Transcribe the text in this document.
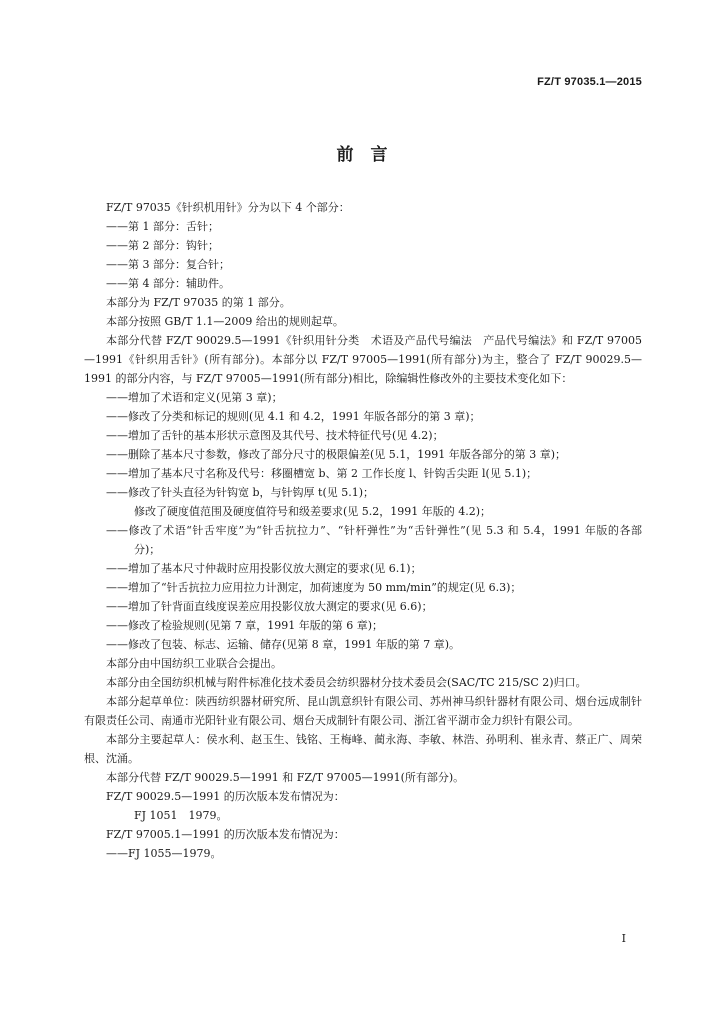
FZ/T 97035.1—2015
前　言

FZ/T 97035《针织机用针》分为以下 4 个部分：

——第 1 部分：舌针；

——第 2 部分：钩针；

——第 3 部分：复合针；

——第 4 部分：辅助件。

本部分为 FZ/T 97035 的第 1 部分。

本部分按照 GB/T 1.1—2009 给出的规则起草。

本部分代替 FZ/T 90029.5—1991《针织用针分类　术语及产品代号编法　产品代号编法》和 FZ/T 97005—1991《针织用舌针》(所有部分)。本部分以 FZ/T 97005—1991(所有部分)为主，整合了 FZ/T 90029.5—1991 的部分内容，与 FZ/T 97005—1991(所有部分)相比，除编辑性修改外的主要技术变化如下：

——增加了术语和定义(见第 3 章)；

——修改了分类和标记的规则(见 4.1 和 4.2，1991 年版各部分的第 3 章)；

——增加了舌针的基本形状示意图及其代号、技术特征代号(见 4.2)；

——删除了基本尺寸参数，修改了部分尺寸的极限偏差(见 5.1，1991 年版各部分的第 3 章)；

——增加了基本尺寸名称及代号：移圈槽宽 b、第 2 工作长度 l、针钩舌尖距 l(见 5.1)；

——修改了针头直径为针钩宽 b，与针钩厚 t(见 5.1)；

修改了硬度值范围及硬度值符号和级差要求(见 5.2，1991 年版的 4.2)；

——修改了术语“针舌牢度”为“针舌抗拉力”、“针杆弹性”为“舌针弹性”(见 5.3 和 5.4，1991 年版的各部分)；

——增加了基本尺寸仲裁时应用投影仪放大测定的要求(见 6.1)；

——增加了“针舌抗拉力应用拉力计测定，加荷速度为 50 mm/min”的规定(见 6.3)；

——增加了针背面直线度误差应用投影仪放大测定的要求(见 6.6)；

——修改了检验规则(见第 7 章，1991 年版的第 6 章)；

——修改了包装、标志、运输、储存(见第 8 章，1991 年版的第 7 章)。

本部分由中国纺织工业联合会提出。

本部分由全国纺织机械与附件标准化技术委员会纺织器材分技术委员会(SAC/TC 215/SC 2)归口。

本部分起草单位：陕西纺织器材研究所、昆山凯意织针有限公司、苏州神马织针器材有限公司、烟台远成制针有限责任公司、南通市光阳针业有限公司、烟台天成制针有限公司、浙江省平湖市金力织针有限公司。

本部分主要起草人：侯水利、赵玉生、钱铭、王梅峰、蔺永海、李敏、林浩、孙明利、崔永青、蔡正广、周荣根、沈涌。

本部分代替 FZ/T 90029.5—1991 和 FZ/T 97005—1991(所有部分)。

FZ/T 90029.5—1991 的历次版本发布情况为：

FJ 1051　1979。

FZ/T 97005.1—1991 的历次版本发布情况为：

——FJ 1055—1979。

I
